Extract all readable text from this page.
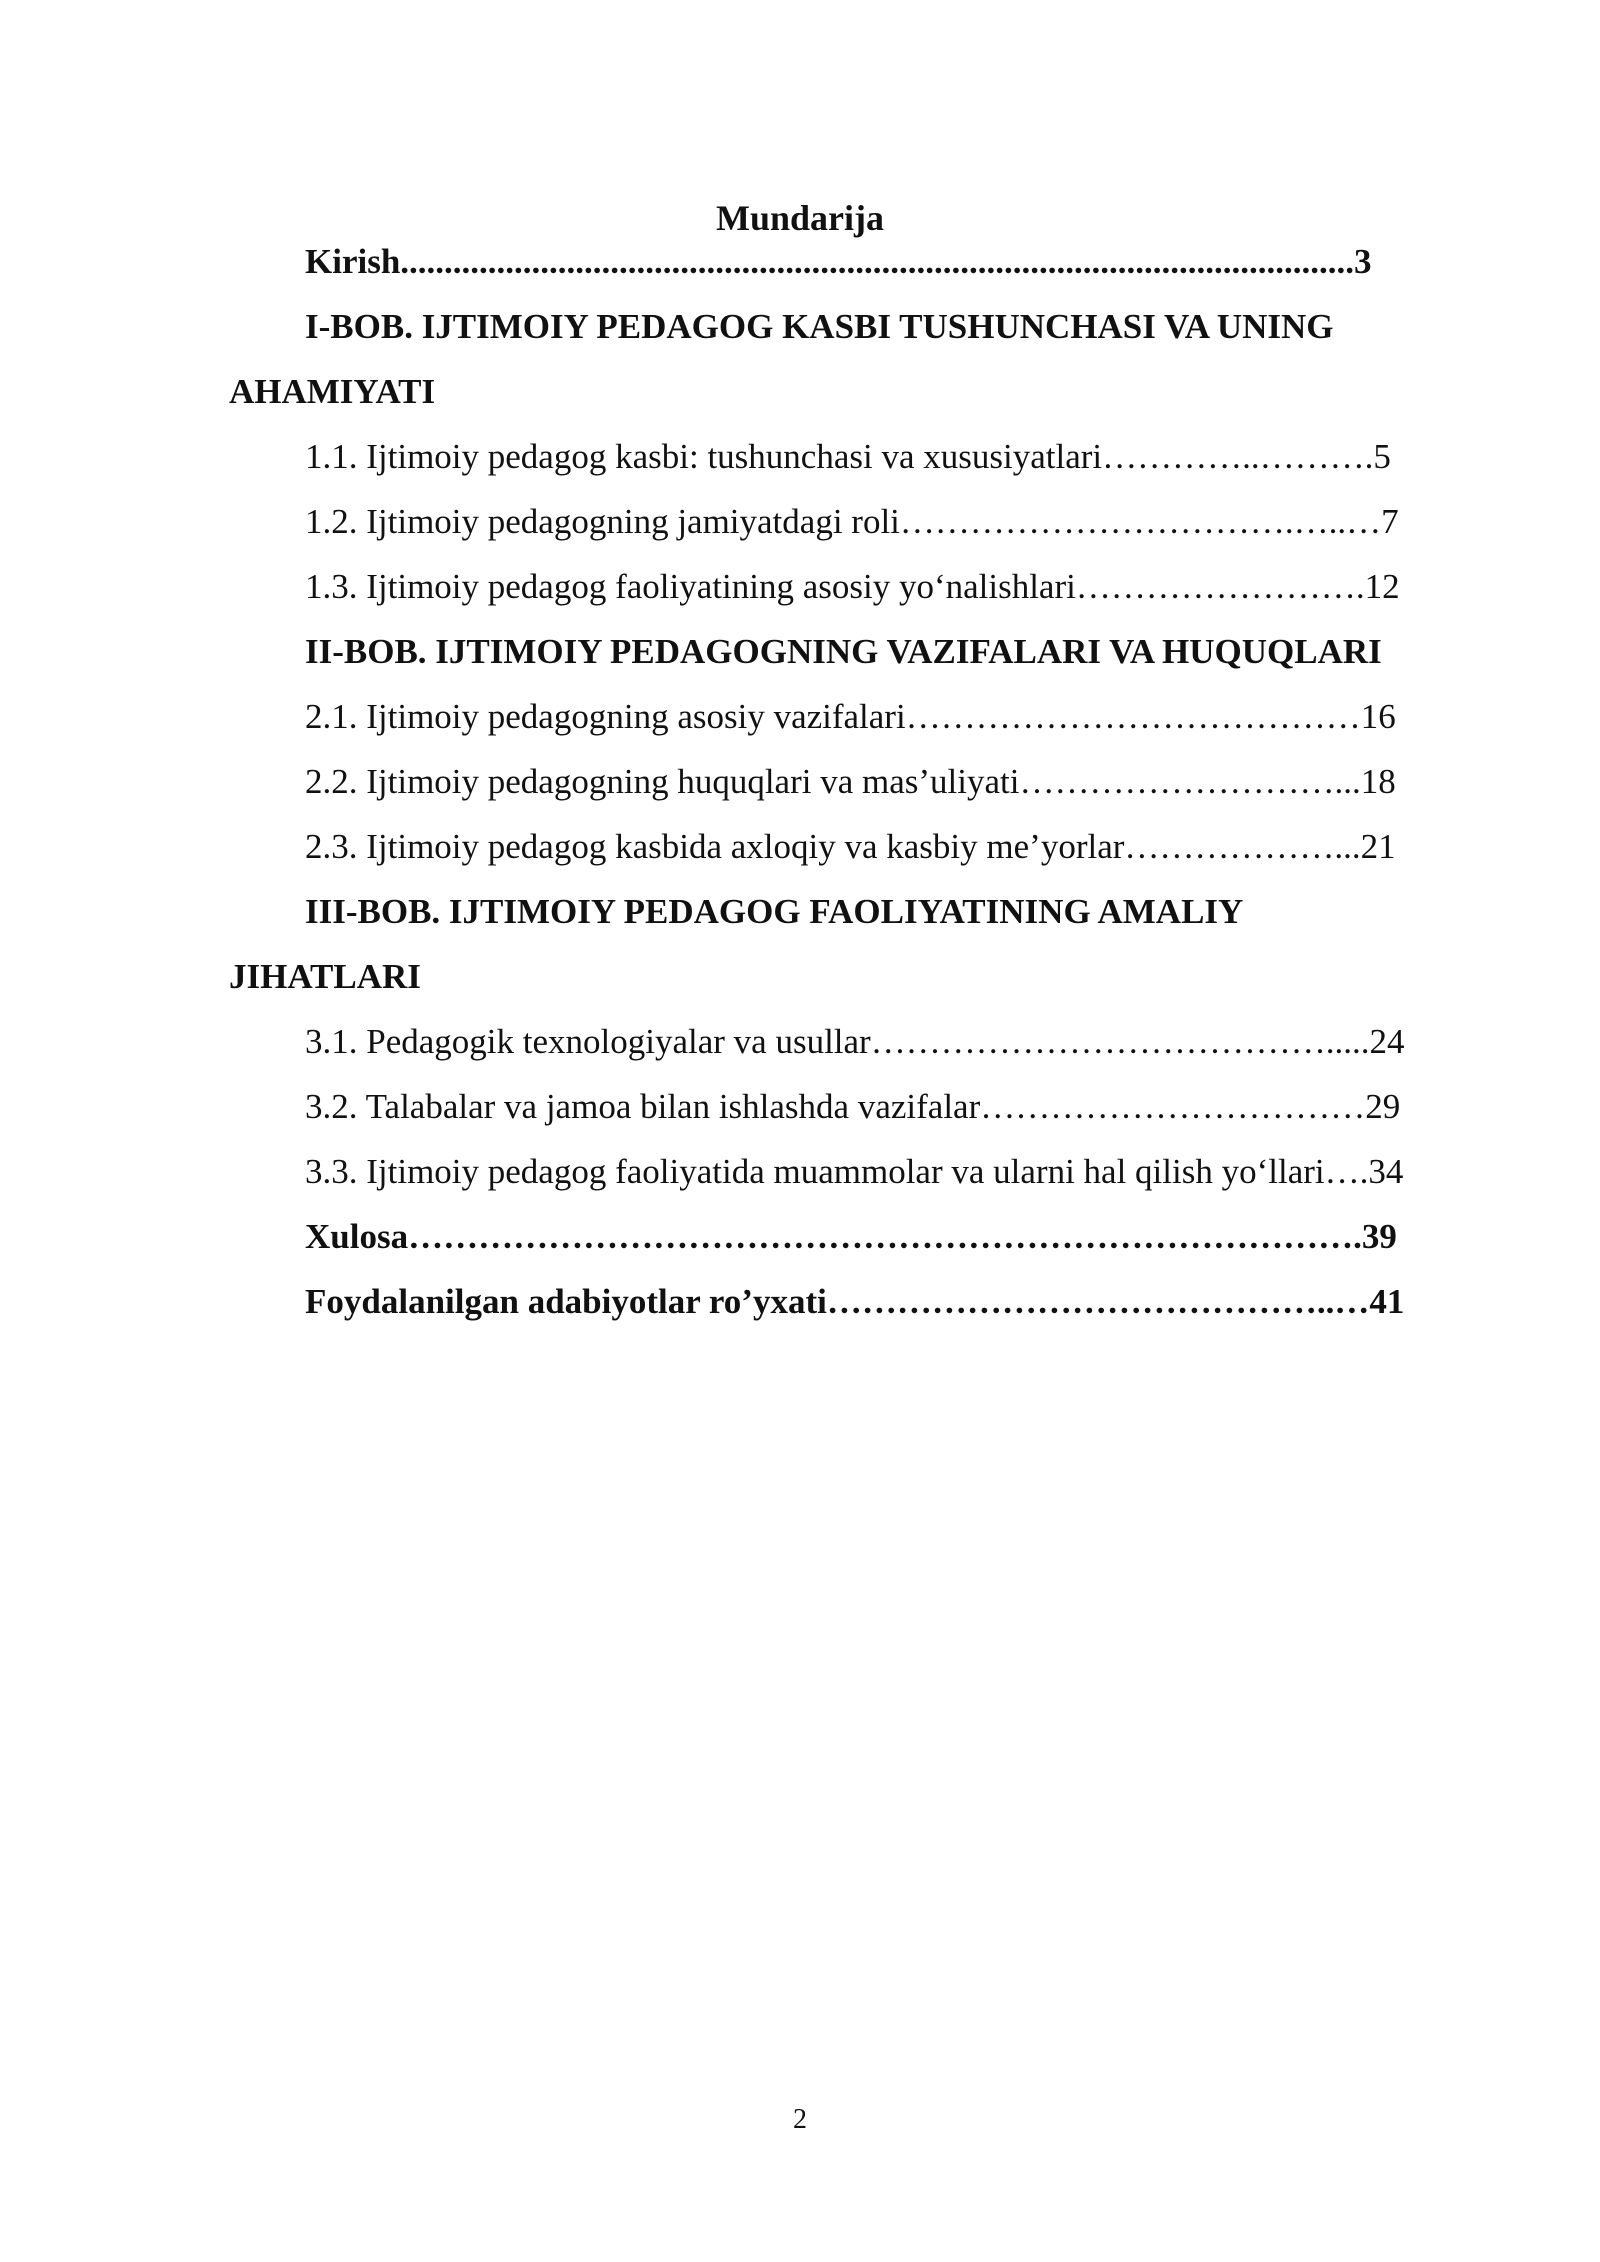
Mundarija
Kirish.............................................................................................................3
I-BOB. IJTIMOIY PEDAGOG KASBI TUSHUNCHASI VA UNING
AHAMIYATI
1.1. Ijtimoiy pedagog kasbi: tushunchasi va xususiyatlari…………..……….5
1.2. Ijtimoiy pedagogning jamiyatdagi roli…………………………….…..…7
1.3. Ijtimoiy pedagog faoliyatining asosiy yo‘nalishlari…………………….12
II-BOB. IJTIMOIY PEDAGOGNING VAZIFALARI VA HUQUQLARI
2.1. Ijtimoiy pedagogning asosiy vazifalari…………………………………16
2.2. Ijtimoiy pedagogning huquqlari va mas’uliyati………………………...18
2.3. Ijtimoiy pedagog kasbida axloqiy va kasbiy me’yorlar………………...21
III-BOB. IJTIMOIY PEDAGOG FAOLIYATINING AMALIY
JIHATLARI
3.1. Pedagogik texnologiyalar va usullar………………………………….....24
3.2. Talabalar va jamoa bilan ishlashda vazifalar……………………………29
3.3. Ijtimoiy pedagog faoliyatida muammolar va ularni hal qilish yo‘llari….34
Xulosa……………………………………………………………………….39
Foydalanilgan adabiyotlar ro’yxati……………………………………..…41
2
